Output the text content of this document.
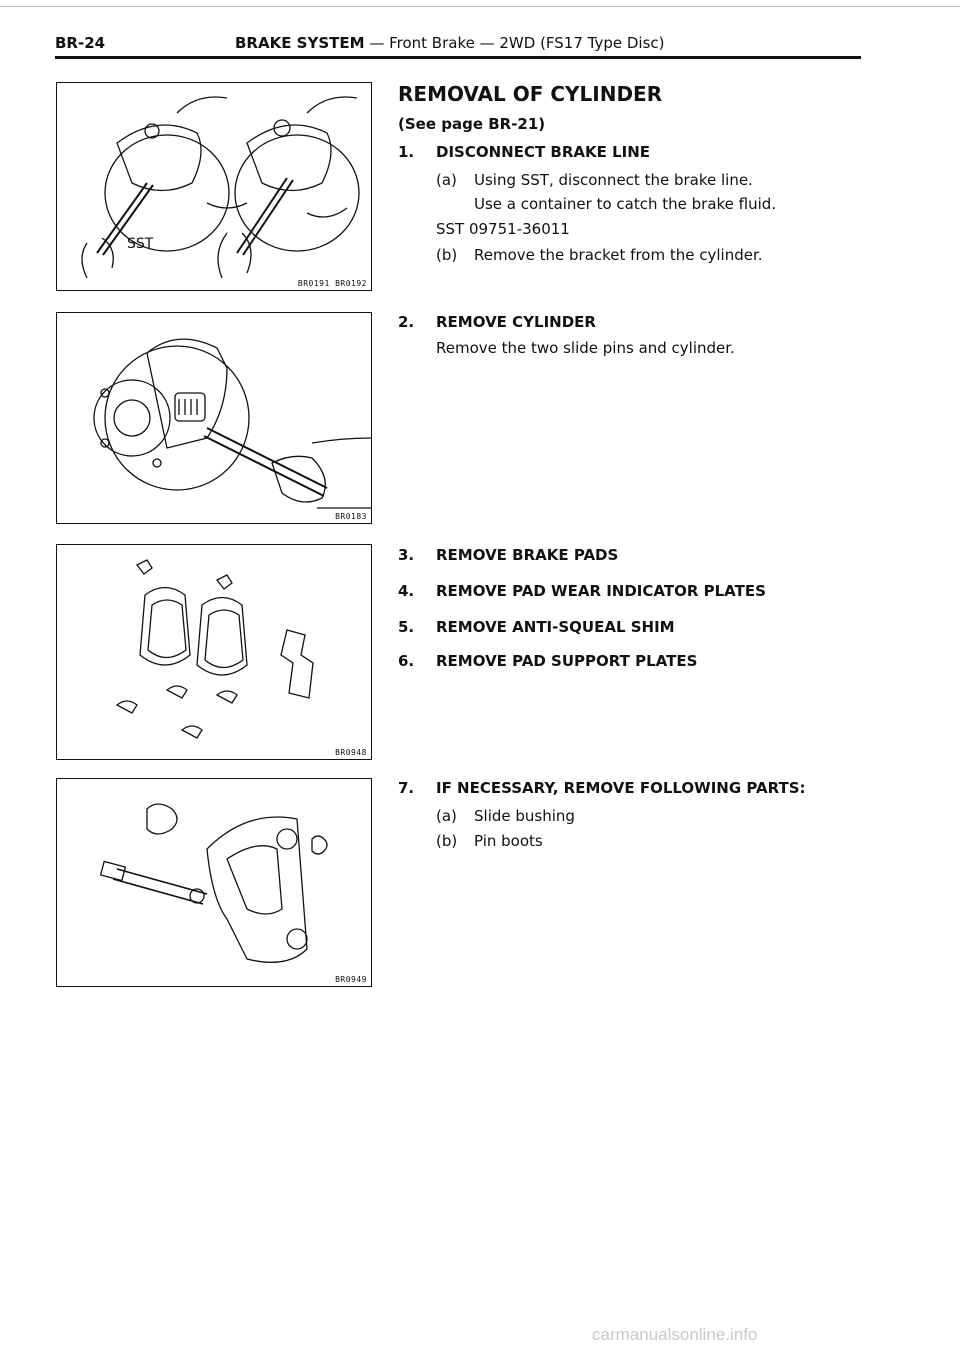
BR-24	BRAKE SYSTEM — Front Brake — 2WD (FS17 Type Disc)
SST
BR0191 BR0192
BR0183
BR0948
BR0949
REMOVAL OF CYLINDER
(See page BR-21)
1. DISCONNECT BRAKE LINE
(a) Using SST, disconnect the brake line.
Use a container to catch the brake fluid.
SST 09751-36011
(b) Remove the bracket from the cylinder.
2. REMOVE CYLINDER
Remove the two slide pins and cylinder.
3. REMOVE BRAKE PADS
4. REMOVE PAD WEAR INDICATOR PLATES
5. REMOVE ANTI-SQUEAL SHIM
6. REMOVE PAD SUPPORT PLATES
7. IF NECESSARY, REMOVE FOLLOWING PARTS:
(a) Slide bushing
(b) Pin boots
carmanualsonline.info
